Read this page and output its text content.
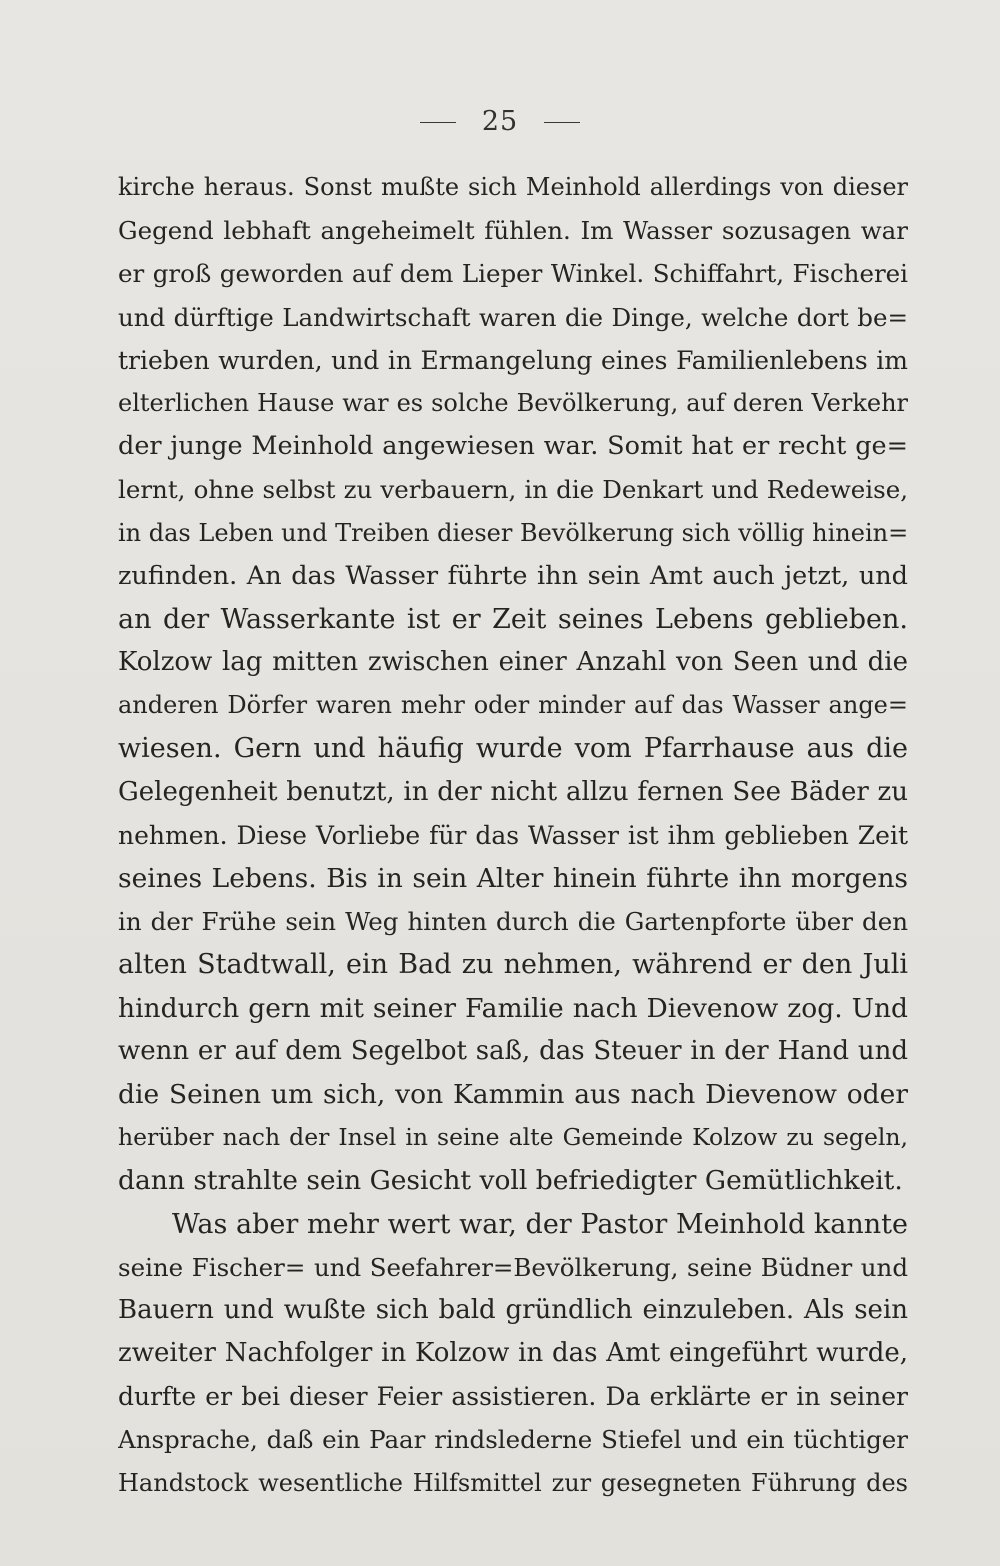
25
kirche heraus. Sonst mußte sich Meinhold allerdings von dieser
Gegend lebhaft angeheimelt fühlen. Im Wasser sozusagen war
er groß geworden auf dem Lieper Winkel. Schiffahrt, Fischerei
und dürftige Landwirtschaft waren die Dinge, welche dort be=
trieben wurden, und in Ermangelung eines Familienlebens im
elterlichen Hause war es solche Bevölkerung, auf deren Verkehr
der junge Meinhold angewiesen war. Somit hat er recht ge=
lernt, ohne selbst zu verbauern, in die Denkart und Redeweise,
in das Leben und Treiben dieser Bevölkerung sich völlig hinein=
zufinden. An das Wasser führte ihn sein Amt auch jetzt, und
an der Wasserkante ist er Zeit seines Lebens geblieben.
Kolzow lag mitten zwischen einer Anzahl von Seen und die
anderen Dörfer waren mehr oder minder auf das Wasser ange=
wiesen. Gern und häufig wurde vom Pfarrhause aus die
Gelegenheit benutzt, in der nicht allzu fernen See Bäder zu
nehmen. Diese Vorliebe für das Wasser ist ihm geblieben Zeit
seines Lebens. Bis in sein Alter hinein führte ihn morgens
in der Frühe sein Weg hinten durch die Gartenpforte über den
alten Stadtwall, ein Bad zu nehmen, während er den Juli
hindurch gern mit seiner Familie nach Dievenow zog. Und
wenn er auf dem Segelbot saß, das Steuer in der Hand und
die Seinen um sich, von Kammin aus nach Dievenow oder
herüber nach der Insel in seine alte Gemeinde Kolzow zu segeln,
dann strahlte sein Gesicht voll befriedigter Gemütlichkeit.
Was aber mehr wert war, der Pastor Meinhold kannte
seine Fischer= und Seefahrer=Bevölkerung, seine Büdner und
Bauern und wußte sich bald gründlich einzuleben. Als sein
zweiter Nachfolger in Kolzow in das Amt eingeführt wurde,
durfte er bei dieser Feier assistieren. Da erklärte er in seiner
Ansprache, daß ein Paar rindslederne Stiefel und ein tüchtiger
Handstock wesentliche Hilfsmittel zur gesegneten Führung des
